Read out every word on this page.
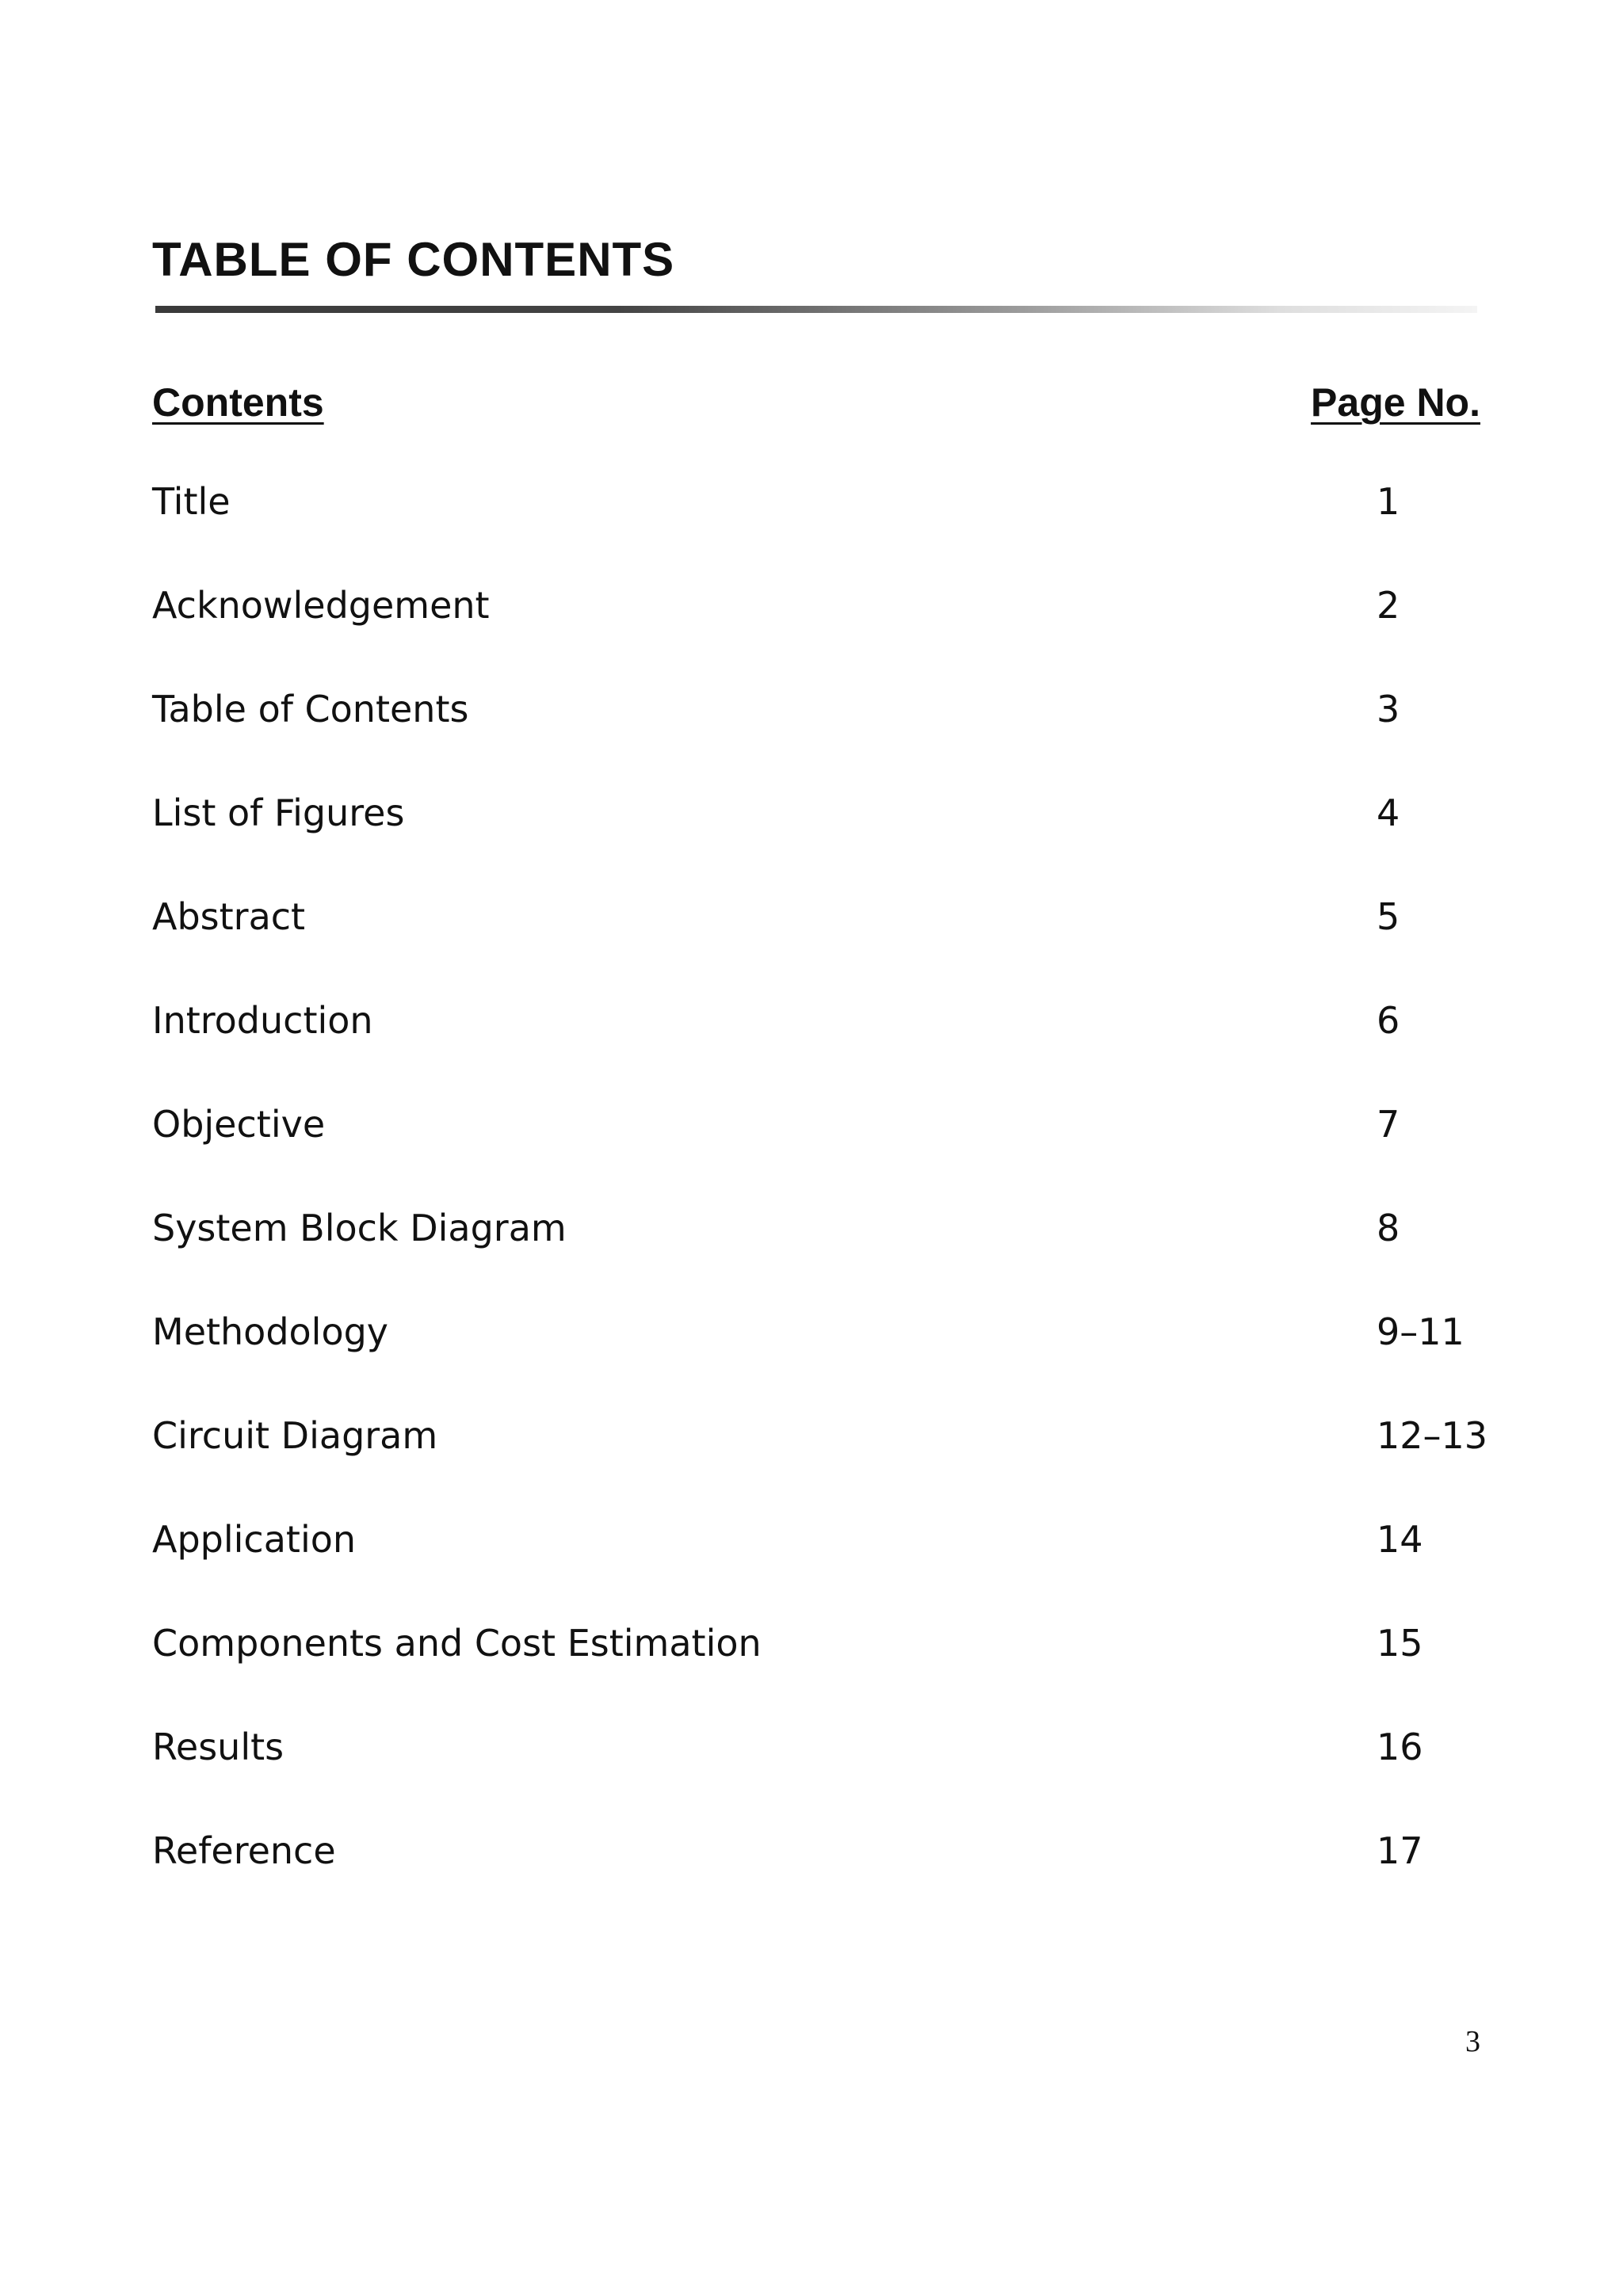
TABLE OF CONTENTS
Contents	Page No.
Title	1
Acknowledgement	2
Table of Contents	3
List of Figures	4
Abstract	5
Introduction	6
Objective	7
System Block Diagram	8
Methodology	9–11
Circuit Diagram	12–13
Application	14
Components and Cost Estimation	15
Results	16
Reference	17
3
